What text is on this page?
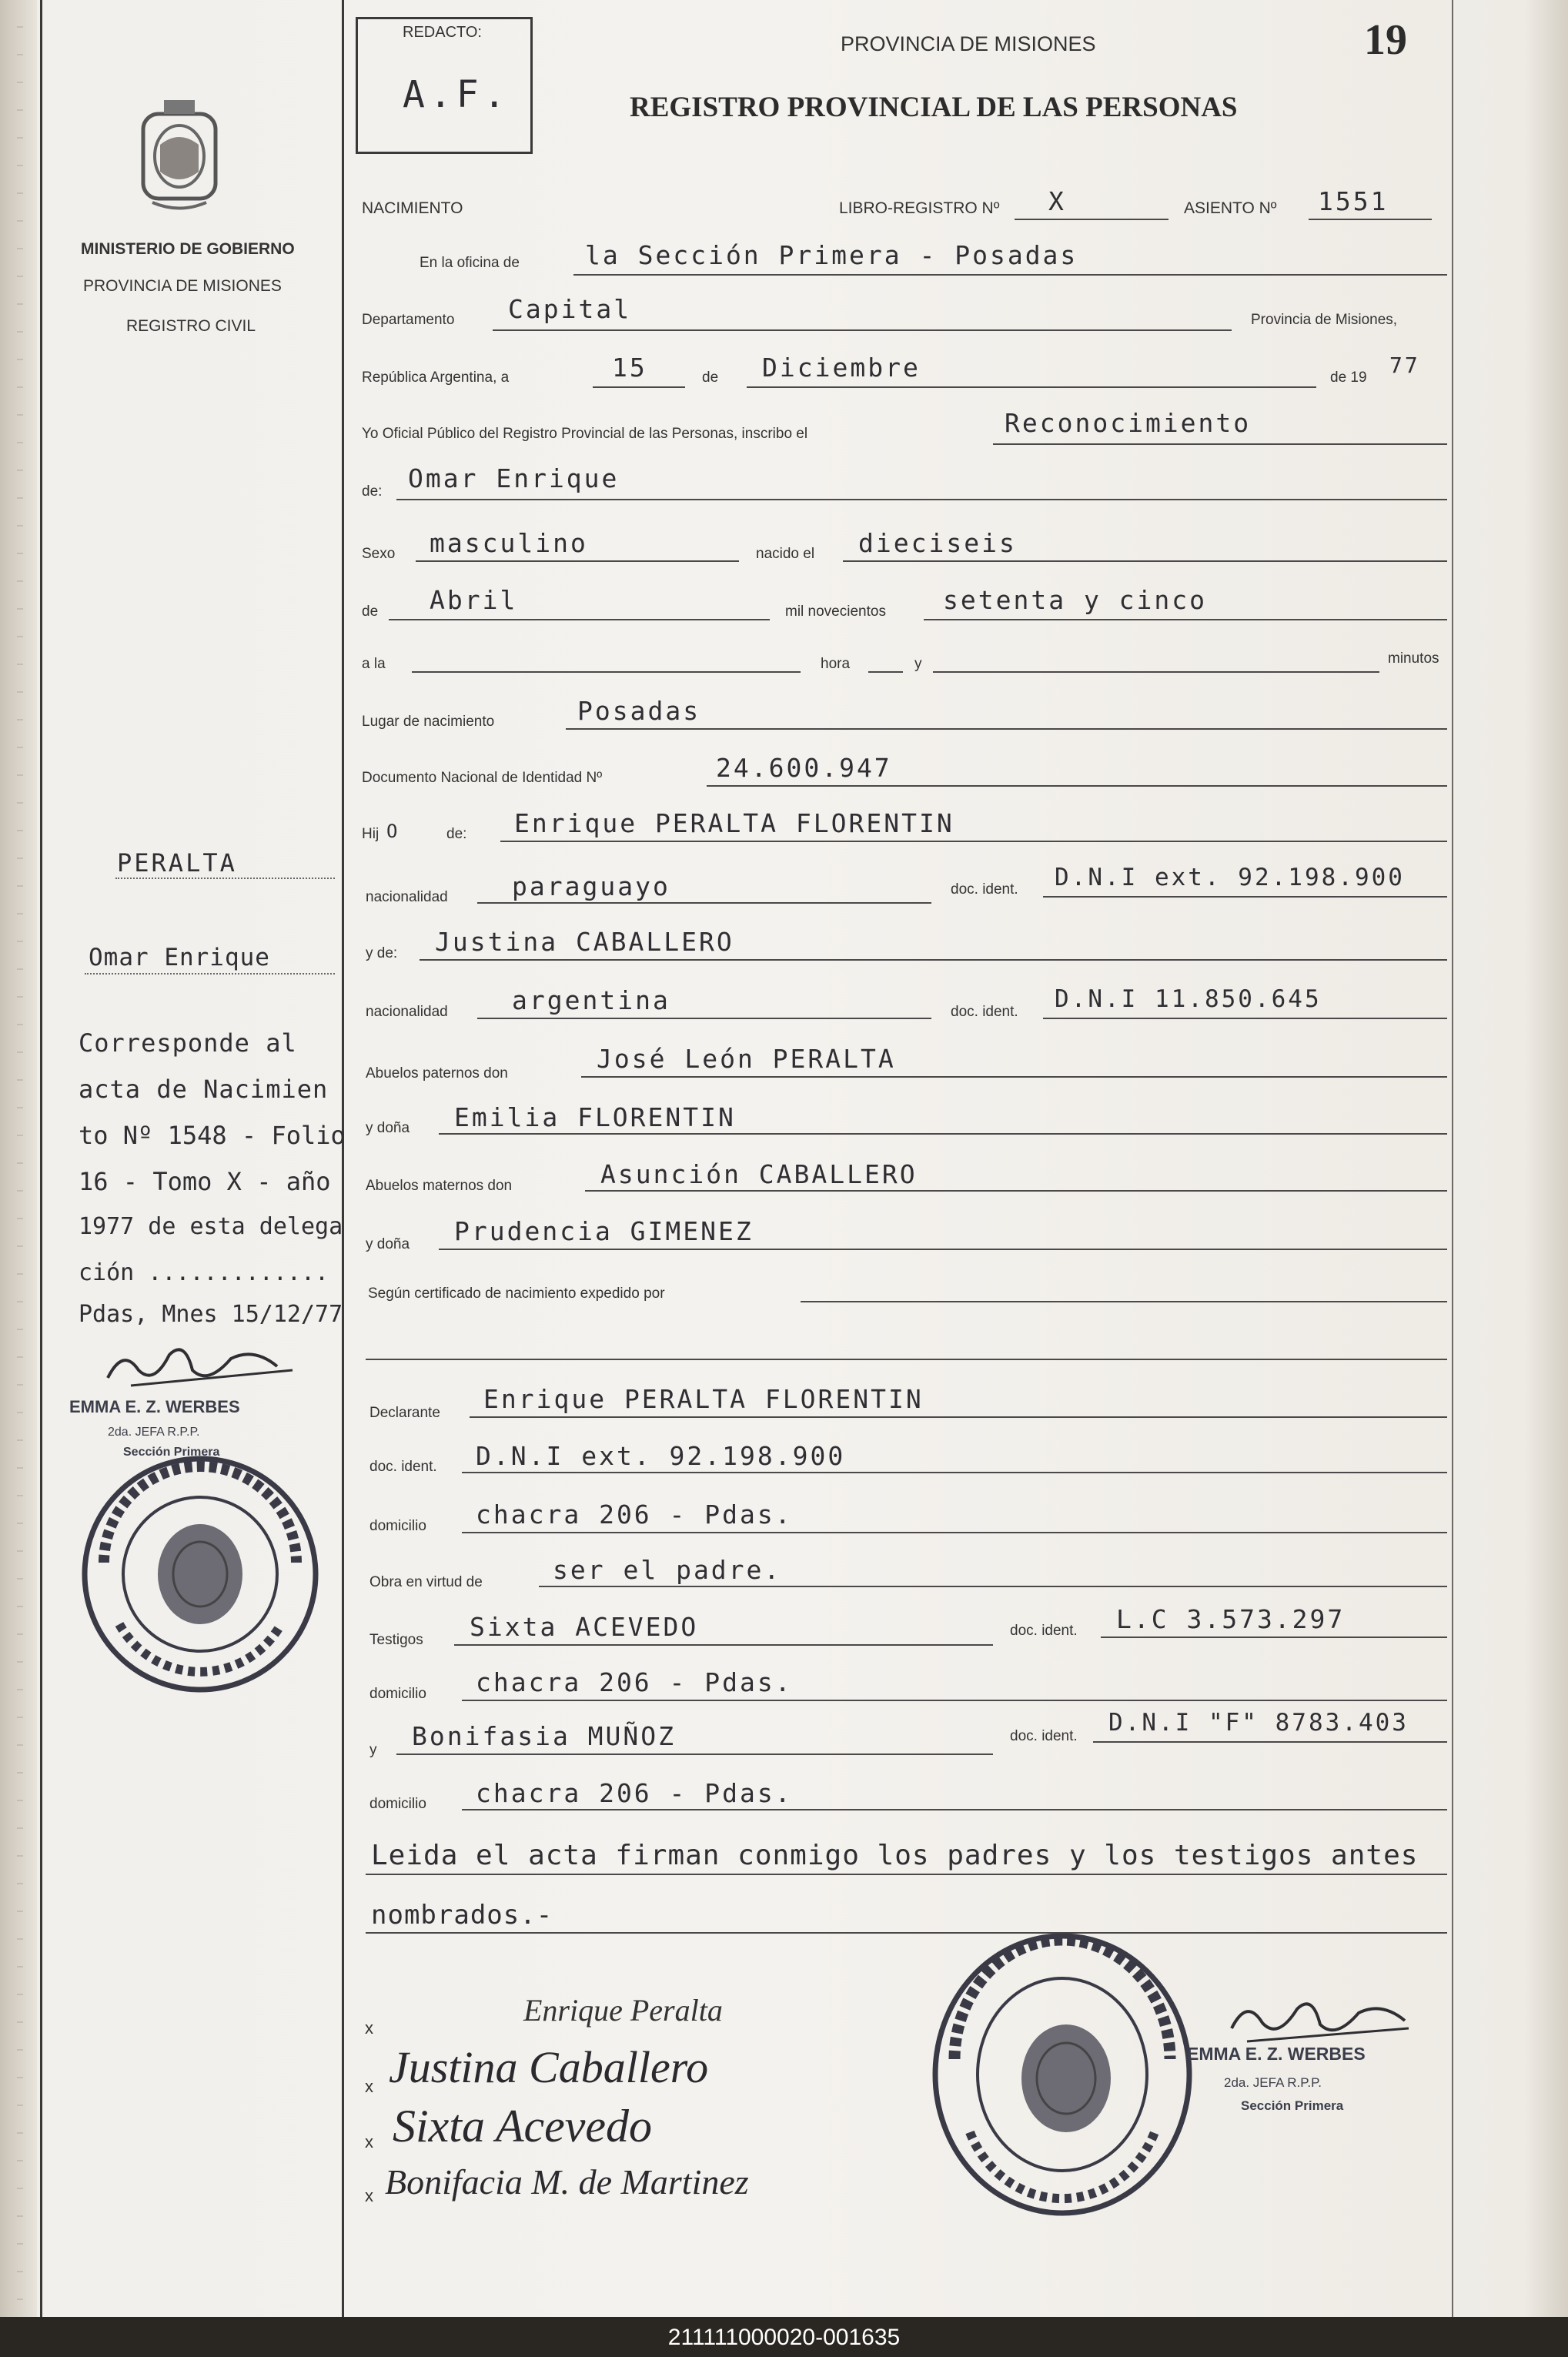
MINISTERIO DE GOBIERNO
PROVINCIA DE MISIONES
REGISTRO CIVIL
REDACTO:
A.F.
PROVINCIA DE MISIONES
REGISTRO PROVINCIAL DE LAS PERSONAS
19
NACIMIENTO	LIBRO-REGISTRO Nº X	ASIENTO Nº 1551
En la oficina de	la Sección Primera - Posadas
Departamento Capital	Provincia de Misiones,
República Argentina, a	15	de Diciembre	de 19 77
Yo Oficial Público del Registro Provincial de las Personas, inscribo el	Reconocimiento
de: Omar Enrique
Sexo masculino	nacido el dieciseis
de Abril	mil novecientos setenta y cinco
a la	hora	y	minutos
Lugar de nacimiento	Posadas
Documento Nacional de Identidad Nº	24.600.947
Hij O	de: Enrique PERALTA FLORENTIN
nacionalidad	paraguayo	doc. ident. D.N.I ext. 92.198.900
y de: Justina CABALLERO
nacionalidad	argentina	doc. ident. D.N.I 11.850.645
Abuelos paternos don	José León PERALTA
y doña Emilia FLORENTIN
Abuelos maternos don	Asunción CABALLERO
y doña Prudencia GIMENEZ
Según certificado de nacimiento expedido por
Declarante Enrique PERALTA FLORENTIN
doc. ident. D.N.I ext. 92.198.900
domicilio chacra 206 - Pdas.
Obra en virtud de	ser el padre.
Testigos Sixta ACEVEDO	doc. ident. L.C 3.573.297
domicilio chacra 206 - Pdas.
y Bonifasia MUÑOZ	doc. ident. D.N.I "F" 8783.403
domicilio chacra 206 - Pdas.
Leida el acta firman conmigo los padres y los testigos antes
nombrados.-
PERALTA
Omar Enrique
Corresponde al
acta de Nacimien
to Nº 1548 - Folio
16 - Tomo X - año
1977 de esta delega
ción .............
Pdas, Mnes 15/12/77
EMMA E. Z. WERBES
2da. JEFA R.P.P.
Sección Primera
x
x
x
x
Enrique Peralta
Justina Caballero
Sixta Acevedo
Bonifacia M. de Martinez
EMMA E. Z. WERBES
2da. JEFA R.P.P.
Sección Primera
211111000020-001635
